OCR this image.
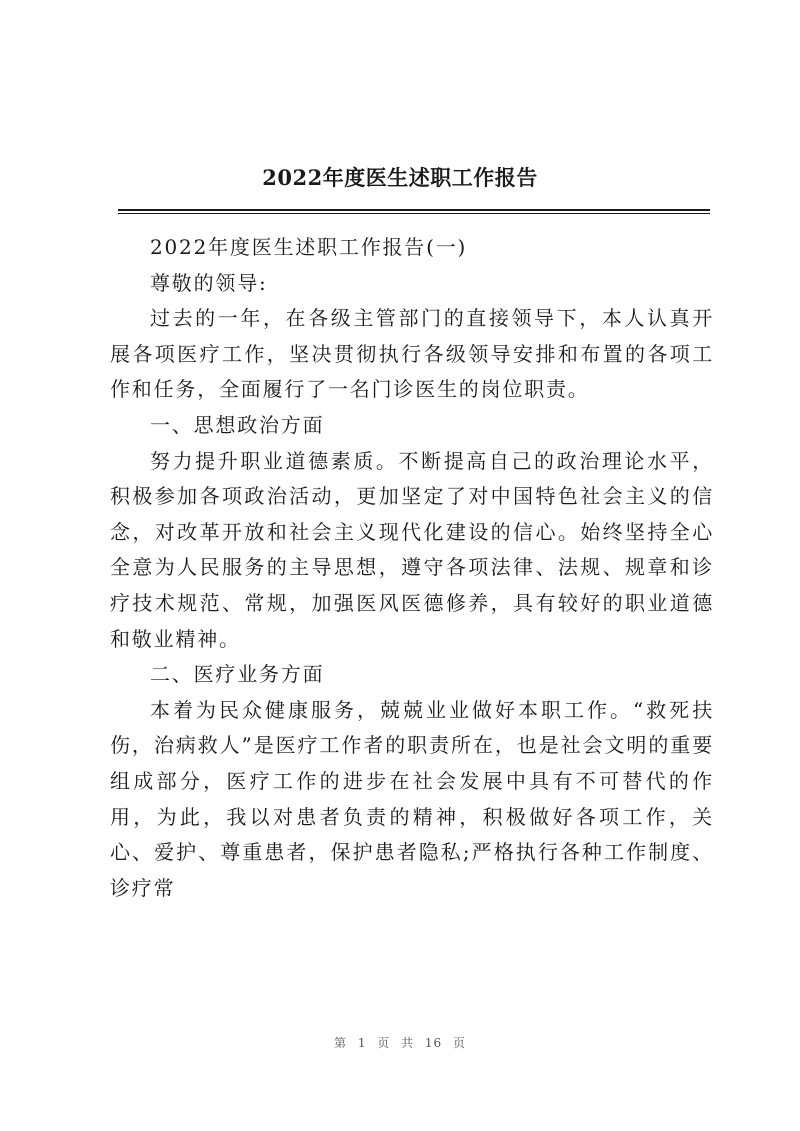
2022年度医生述职工作报告

2022年度医生述职工作报告(一)

尊敬的领导:

过去的一年，在各级主管部门的直接领导下，本人认真开展各项医疗工作，坚决贯彻执行各级领导安排和布置的各项工作和任务，全面履行了一名门诊医生的岗位职责。

一、思想政治方面

努力提升职业道德素质。不断提高自己的政治理论水平，积极参加各项政治活动，更加坚定了对中国特色社会主义的信念，对改革开放和社会主义现代化建设的信心。始终坚持全心全意为人民服务的主导思想，遵守各项法律、法规、规章和诊疗技术规范、常规，加强医风医德修养，具有较好的职业道德和敬业精神。

二、医疗业务方面

本着为民众健康服务，兢兢业业做好本职工作。“救死扶伤，治病救人”是医疗工作者的职责所在，也是社会文明的重要组成部分，医疗工作的进步在社会发展中具有不可替代的作用，为此，我以对患者负责的精神，积极做好各项工作，关心、爱护、尊重患者，保护患者隐私;严格执行各种工作制度、诊疗常

第 1 页 共 16 页
